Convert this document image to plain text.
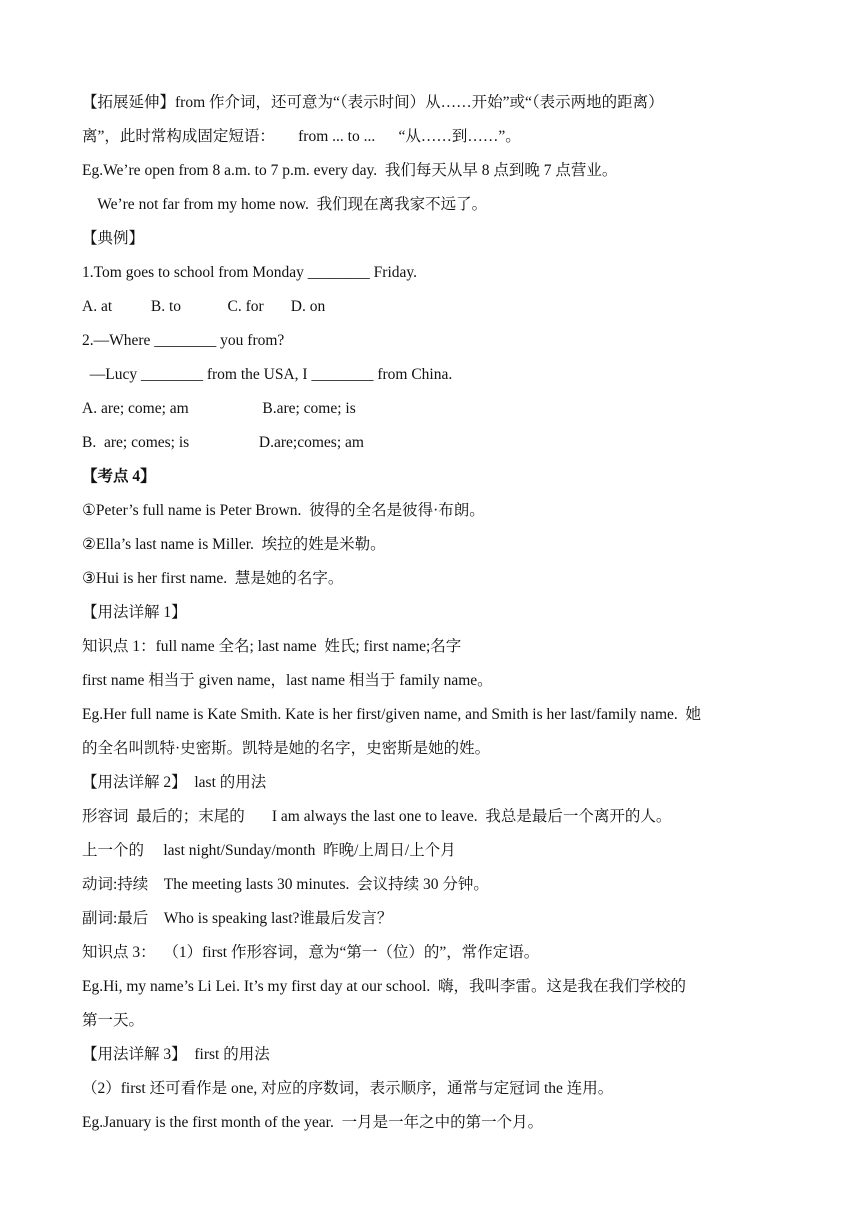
【拓展延伸】from 作介词，还可意为“（表示时间）从……开始”或“（表示两地的距离）
离”，此时常构成固定短语：      from ... to ...      “从……到……”。
Eg.We’re open from 8 a.m. to 7 p.m. every day.  我们每天从早 8 点到晚 7 点营业。
We’re not far from my home now.  我们现在离我家不远了。
【典例】
1.Tom goes to school from Monday ________ Friday.
A. at          B. to            C. for       D. on
2.—Where ________ you from?
—Lucy ________ from the USA, I ________ from China.
A. are; come; am                   B.are; come; is
B.  are; comes; is                  D.are;comes; am
【考点 4】
①Peter’s full name is Peter Brown.  彼得的全名是彼得·布朗。
②Ella’s last name is Miller.  埃拉的姓是米勒。
③Hui is her first name.  慧是她的名字。
【用法详解 1】
知识点 1：full name 全名; last name  姓氏; first name;名字
first name 相当于 given name，last name 相当于 family name。
Eg.Her full name is Kate Smith. Kate is her first/given name, and Smith is her last/family name.  她
的全名叫凯特·史密斯。凯特是她的名字，史密斯是她的姓。
【用法详解 2】  last 的用法
形容词  最后的；末尾的       I am always the last one to leave.  我总是最后一个离开的人。
上一个的     last night/Sunday/month  昨晚/上周日/上个月
动词:持续    The meeting lasts 30 minutes.  会议持续 30 分钟。
副词:最后    Who is speaking last?谁最后发言？
知识点 3：  （1）first 作形容词，意为“第一（位）的”，常作定语。
Eg.Hi, my name’s Li Lei. It’s my first day at our school.  嗨，我叫李雷。这是我在我们学校的
第一天。
【用法详解 3】  first 的用法
（2）first 还可看作是 one, 对应的序数词，表示顺序，通常与定冠词 the 连用。
Eg.January is the first month of the year.  一月是一年之中的第一个月。
